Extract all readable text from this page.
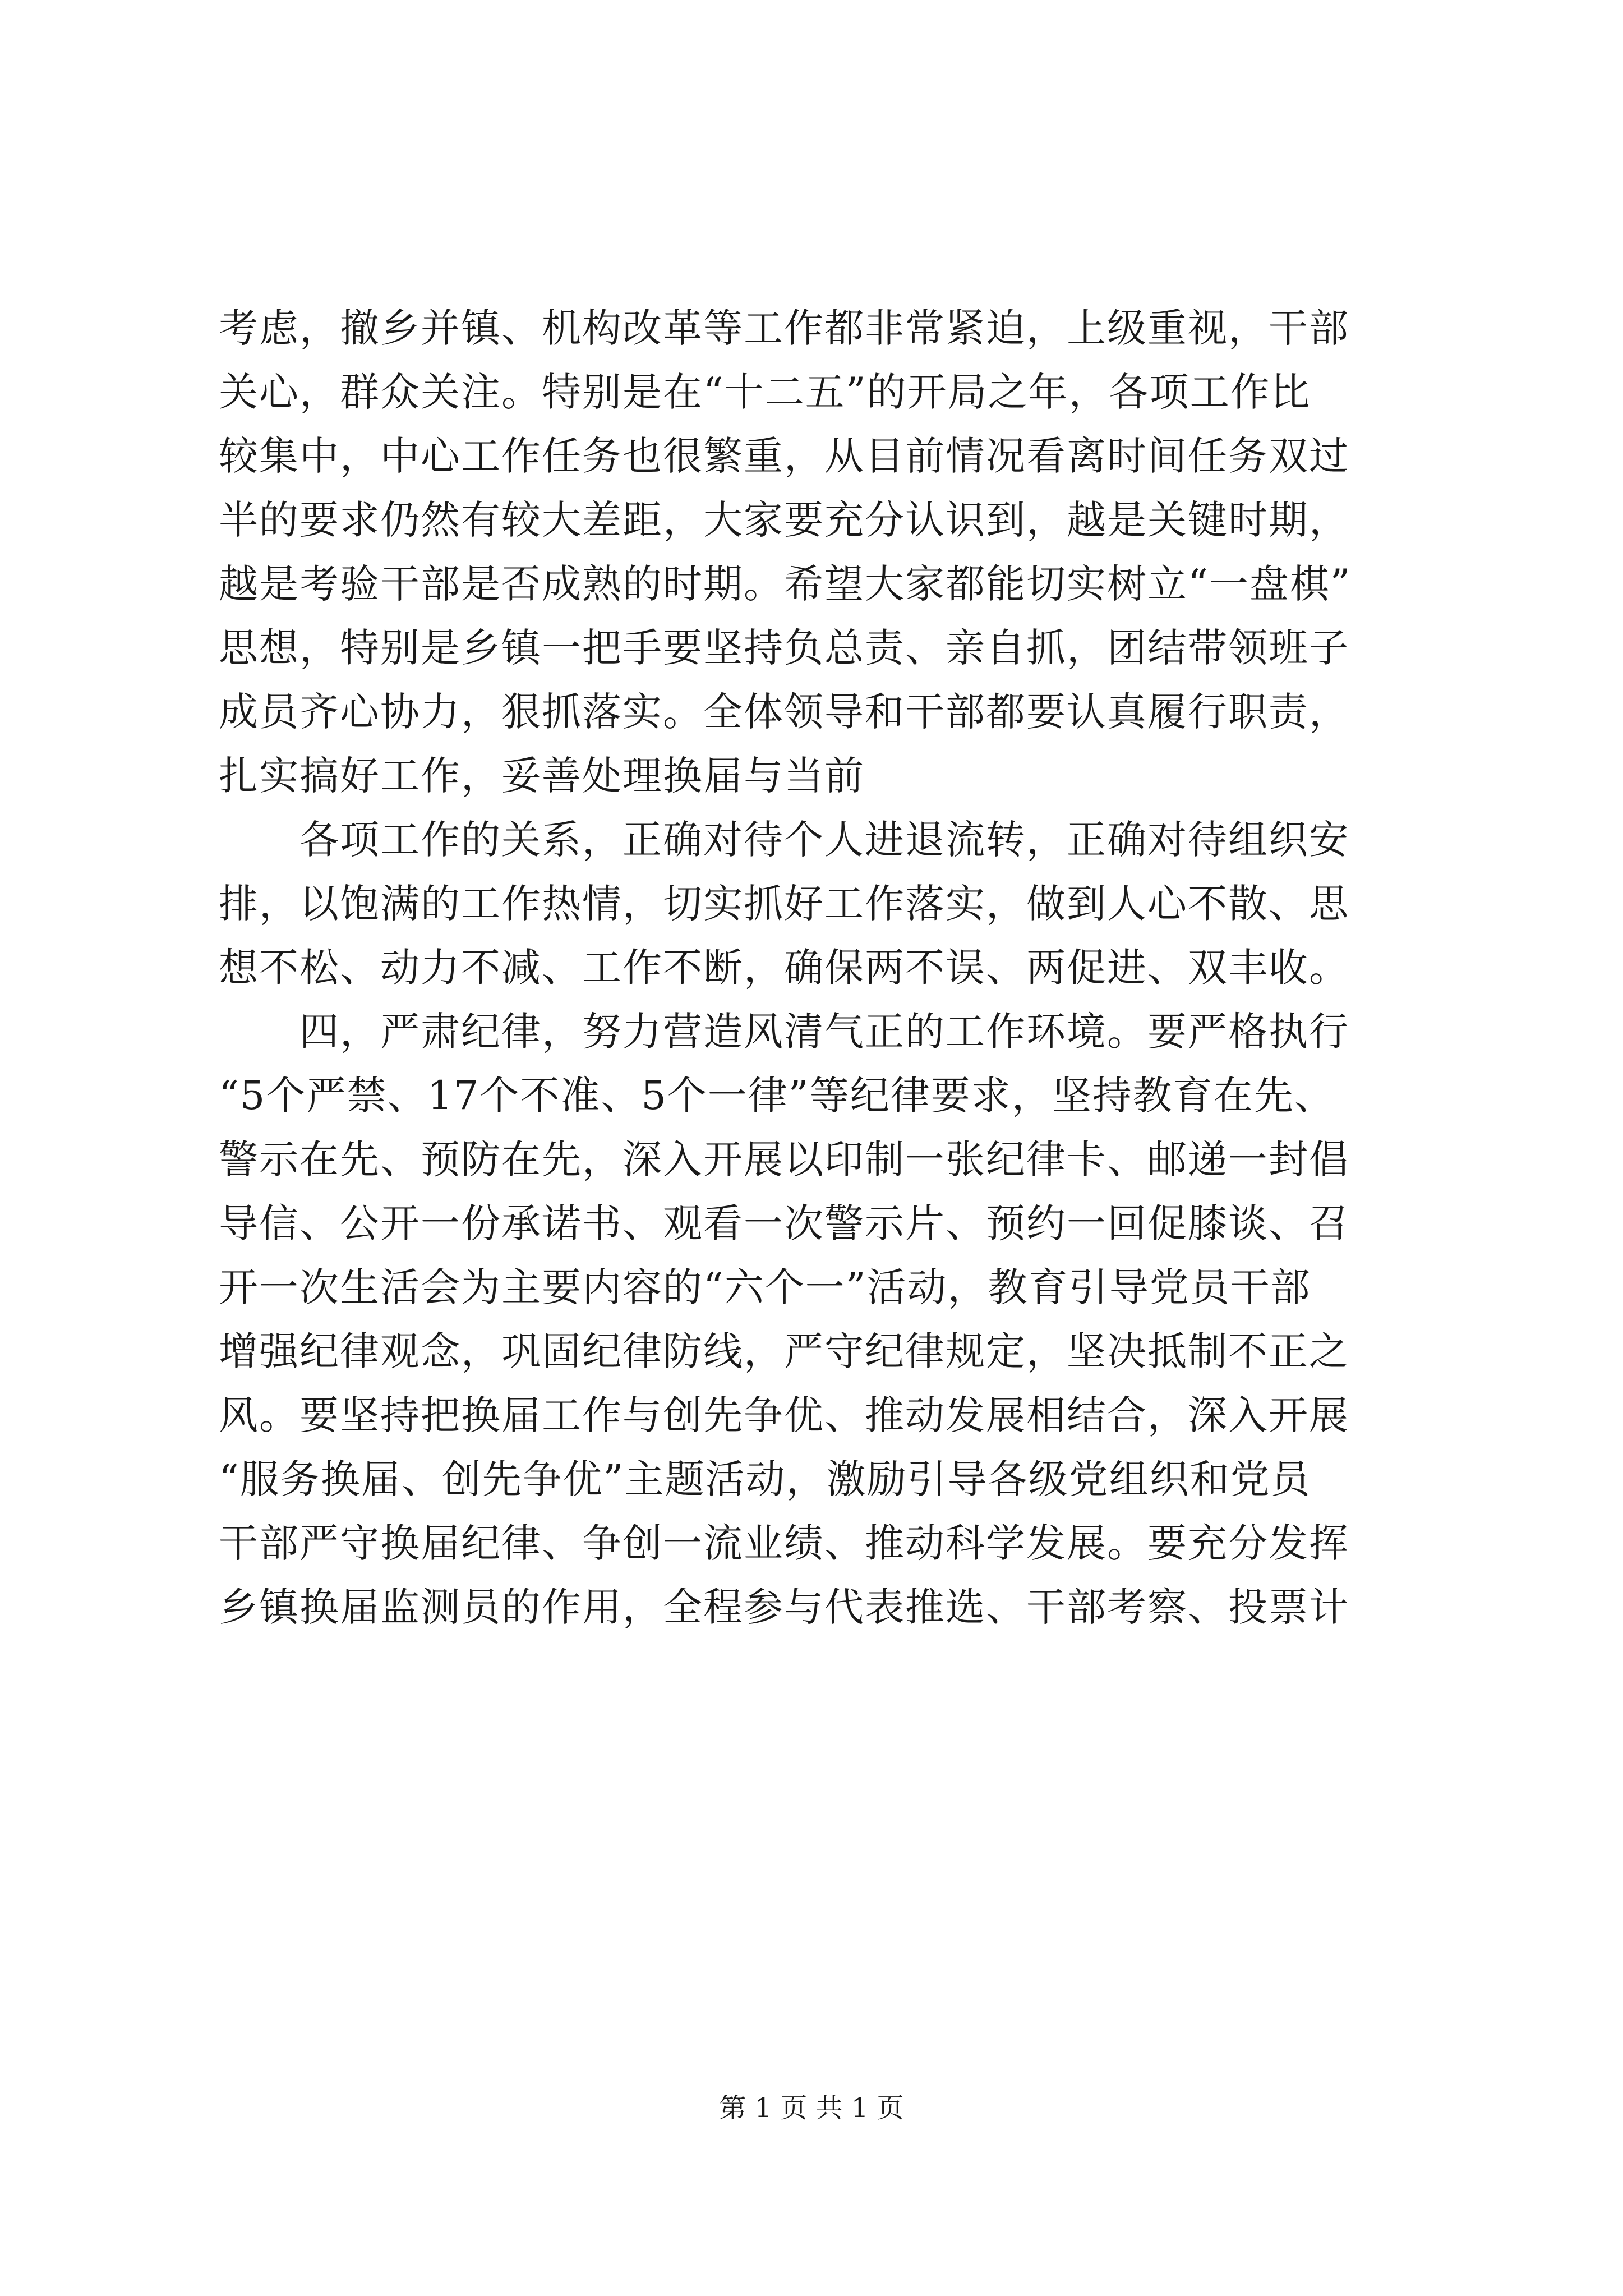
考虑，撤乡并镇、机构改革等工作都非常紧迫，上级重视，干部
关心，群众关注。特别是在“十二五”的开局之年，各项工作比
较集中，中心工作任务也很繁重，从目前情况看离时间任务双过
半的要求仍然有较大差距，大家要充分认识到，越是关键时期，
越是考验干部是否成熟的时期。希望大家都能切实树立“一盘棋”
思想，特别是乡镇一把手要坚持负总责、亲自抓，团结带领班子
成员齐心协力，狠抓落实。全体领导和干部都要认真履行职责，
扎实搞好工作，妥善处理换届与当前
　　各项工作的关系，正确对待个人进退流转，正确对待组织安
排，以饱满的工作热情，切实抓好工作落实，做到人心不散、思
想不松、动力不减、工作不断，确保两不误、两促进、双丰收。
　　四，严肃纪律，努力营造风清气正的工作环境。要严格执行
“5个严禁、17个不准、5个一律”等纪律要求，坚持教育在先、
警示在先、预防在先，深入开展以印制一张纪律卡、邮递一封倡
导信、公开一份承诺书、观看一次警示片、预约一回促膝谈、召
开一次生活会为主要内容的“六个一”活动，教育引导党员干部
增强纪律观念，巩固纪律防线，严守纪律规定，坚决抵制不正之
风。要坚持把换届工作与创先争优、推动发展相结合，深入开展
“服务换届、创先争优”主题活动，激励引导各级党组织和党员
干部严守换届纪律、争创一流业绩、推动科学发展。要充分发挥
乡镇换届监测员的作用，全程参与代表推选、干部考察、投票计
第 1 页 共 1 页
